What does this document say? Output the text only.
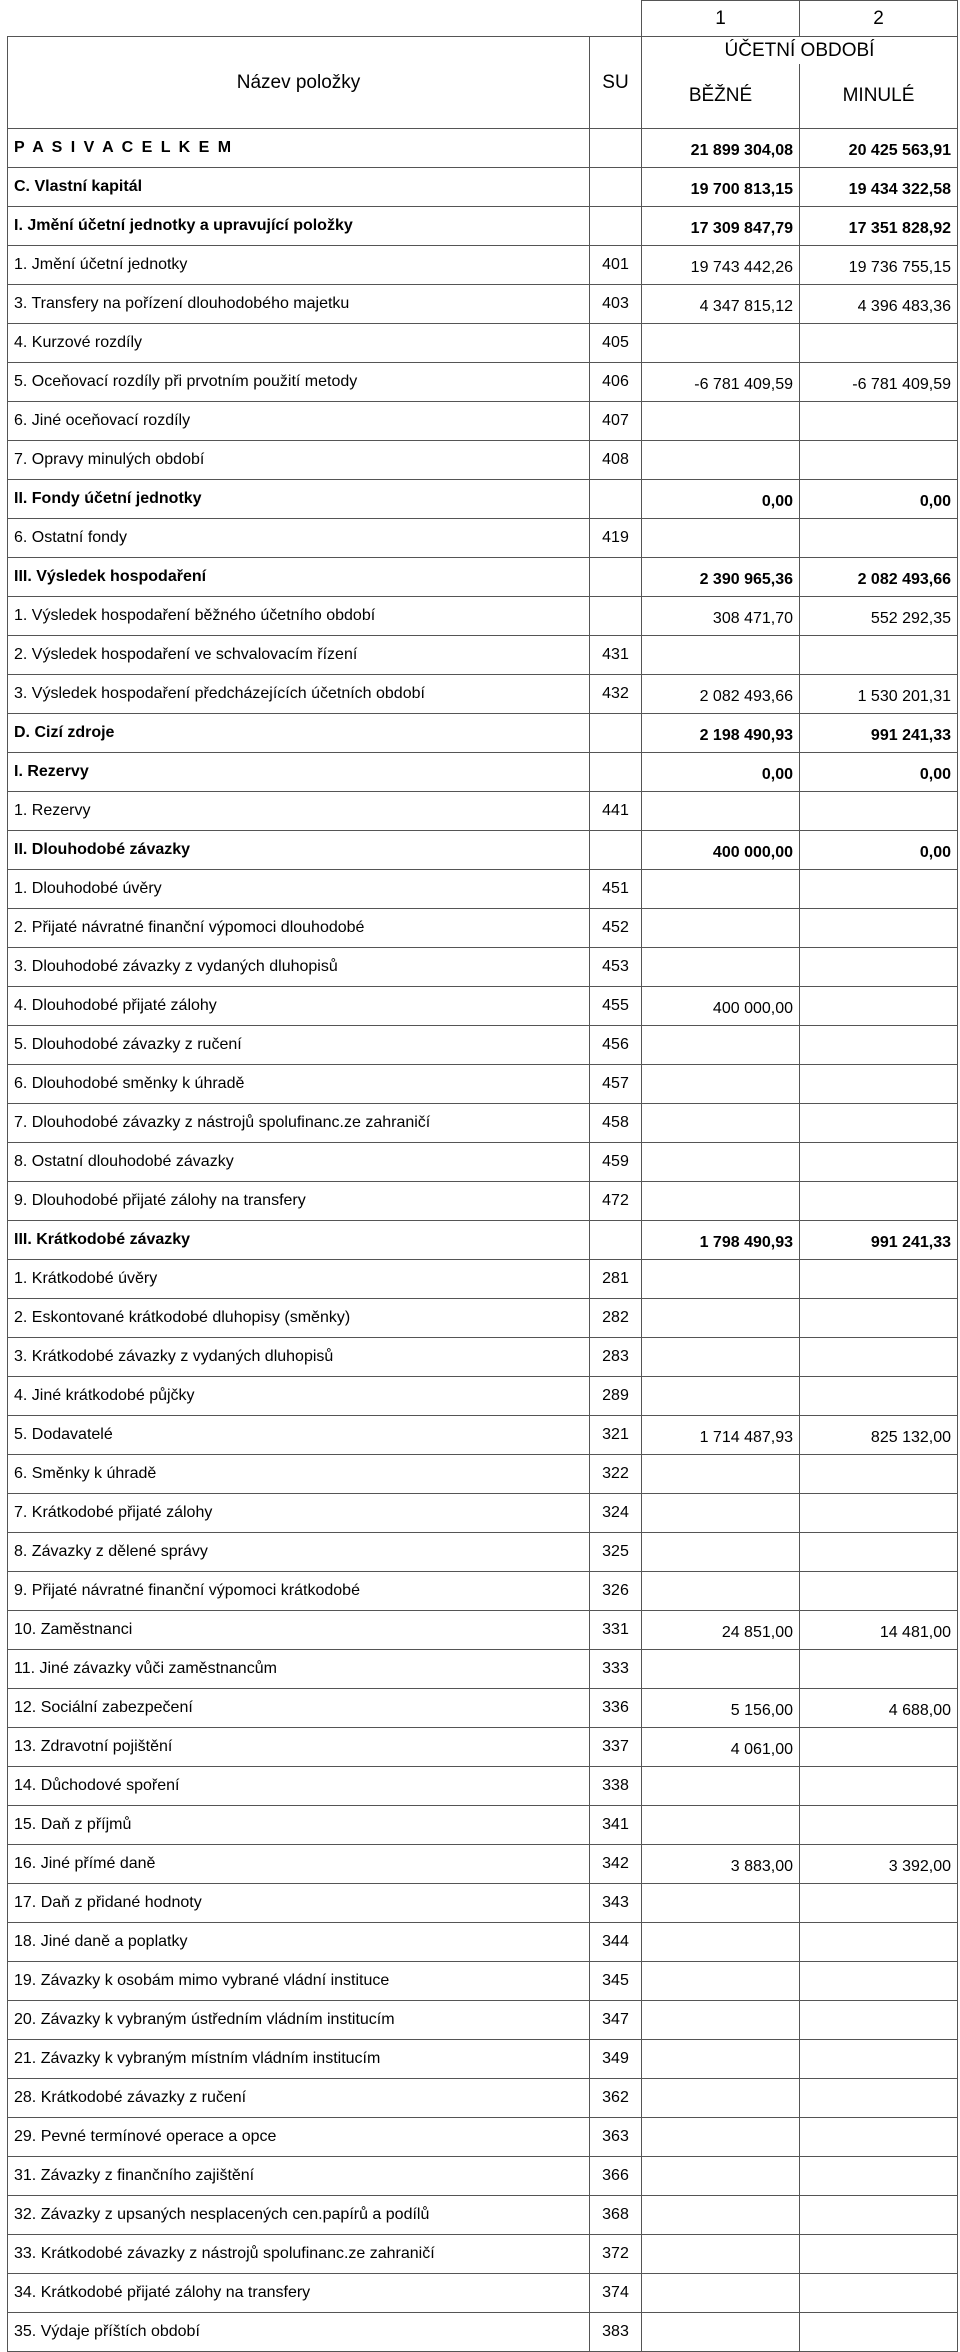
		1	2
Název položky	SU	ÚČETNÍ OBDOBÍ	
		BĚŽNÉ	MINULÉ
P A S I V A C E L K E M		21 899 304,08	20 425 563,91
C. Vlastní kapitál		19 700 813,15	19 434 322,58
I. Jmění účetní jednotky a upravující položky		17 309 847,79	17 351 828,92
1. Jmění účetní jednotky	401	19 743 442,26	19 736 755,15
3. Transfery na pořízení dlouhodobého majetku	403	4 347 815,12	4 396 483,36
4. Kurzové rozdíly	405		
5. Oceňovací rozdíly při prvotním použití metody	406	-6 781 409,59	-6 781 409,59
6. Jiné oceňovací rozdíly	407		
7. Opravy minulých období	408		
II. Fondy účetní jednotky		0,00	0,00
6. Ostatní fondy	419		
III. Výsledek hospodaření		2 390 965,36	2 082 493,66
1. Výsledek hospodaření běžného účetního období		308 471,70	552 292,35
2. Výsledek hospodaření ve schvalovacím řízení	431		
3. Výsledek hospodaření předcházejících účetních období	432	2 082 493,66	1 530 201,31
D. Cizí zdroje		2 198 490,93	991 241,33
I. Rezervy		0,00	0,00
1. Rezervy	441		
II. Dlouhodobé závazky		400 000,00	0,00
1. Dlouhodobé úvěry	451		
2. Přijaté návratné finanční výpomoci dlouhodobé	452		
3. Dlouhodobé závazky z vydaných dluhopisů	453		
4. Dlouhodobé přijaté zálohy	455	400 000,00	
5. Dlouhodobé závazky z ručení	456		
6. Dlouhodobé směnky k úhradě	457		
7. Dlouhodobé závazky z nástrojů spolufinanc.ze zahraničí	458		
8. Ostatní dlouhodobé závazky	459		
9. Dlouhodobé přijaté zálohy na transfery	472		
III. Krátkodobé závazky		1 798 490,93	991 241,33
1. Krátkodobé úvěry	281		
2. Eskontované krátkodobé dluhopisy (směnky)	282		
3. Krátkodobé závazky z vydaných dluhopisů	283		
4. Jiné krátkodobé půjčky	289		
5. Dodavatelé	321	1 714 487,93	825 132,00
6. Směnky k úhradě	322		
7. Krátkodobé přijaté zálohy	324		
8. Závazky z dělené správy	325		
9. Přijaté návratné finanční výpomoci krátkodobé	326		
10. Zaměstnanci	331	24 851,00	14 481,00
11. Jiné závazky vůči zaměstnancům	333		
12. Sociální zabezpečení	336	5 156,00	4 688,00
13. Zdravotní pojištění	337	4 061,00	
14. Důchodové spoření	338		
15. Daň z příjmů	341		
16. Jiné přímé daně	342	3 883,00	3 392,00
17. Daň z přidané hodnoty	343		
18. Jiné daně a poplatky	344		
19. Závazky k osobám mimo vybrané vládní instituce	345		
20. Závazky k vybraným ústředním vládním institucím	347		
21. Závazky k vybraným místním vládním institucím	349		
28. Krátkodobé závazky z ručení	362		
29. Pevné termínové operace a opce	363		
31. Závazky z finančního zajištění	366		
32. Závazky z upsaných nesplacených cen.papírů a podílů	368		
33. Krátkodobé závazky z nástrojů spolufinanc.ze zahraničí	372		
34. Krátkodobé přijaté zálohy na transfery	374		
35. Výdaje příštích období	383		
